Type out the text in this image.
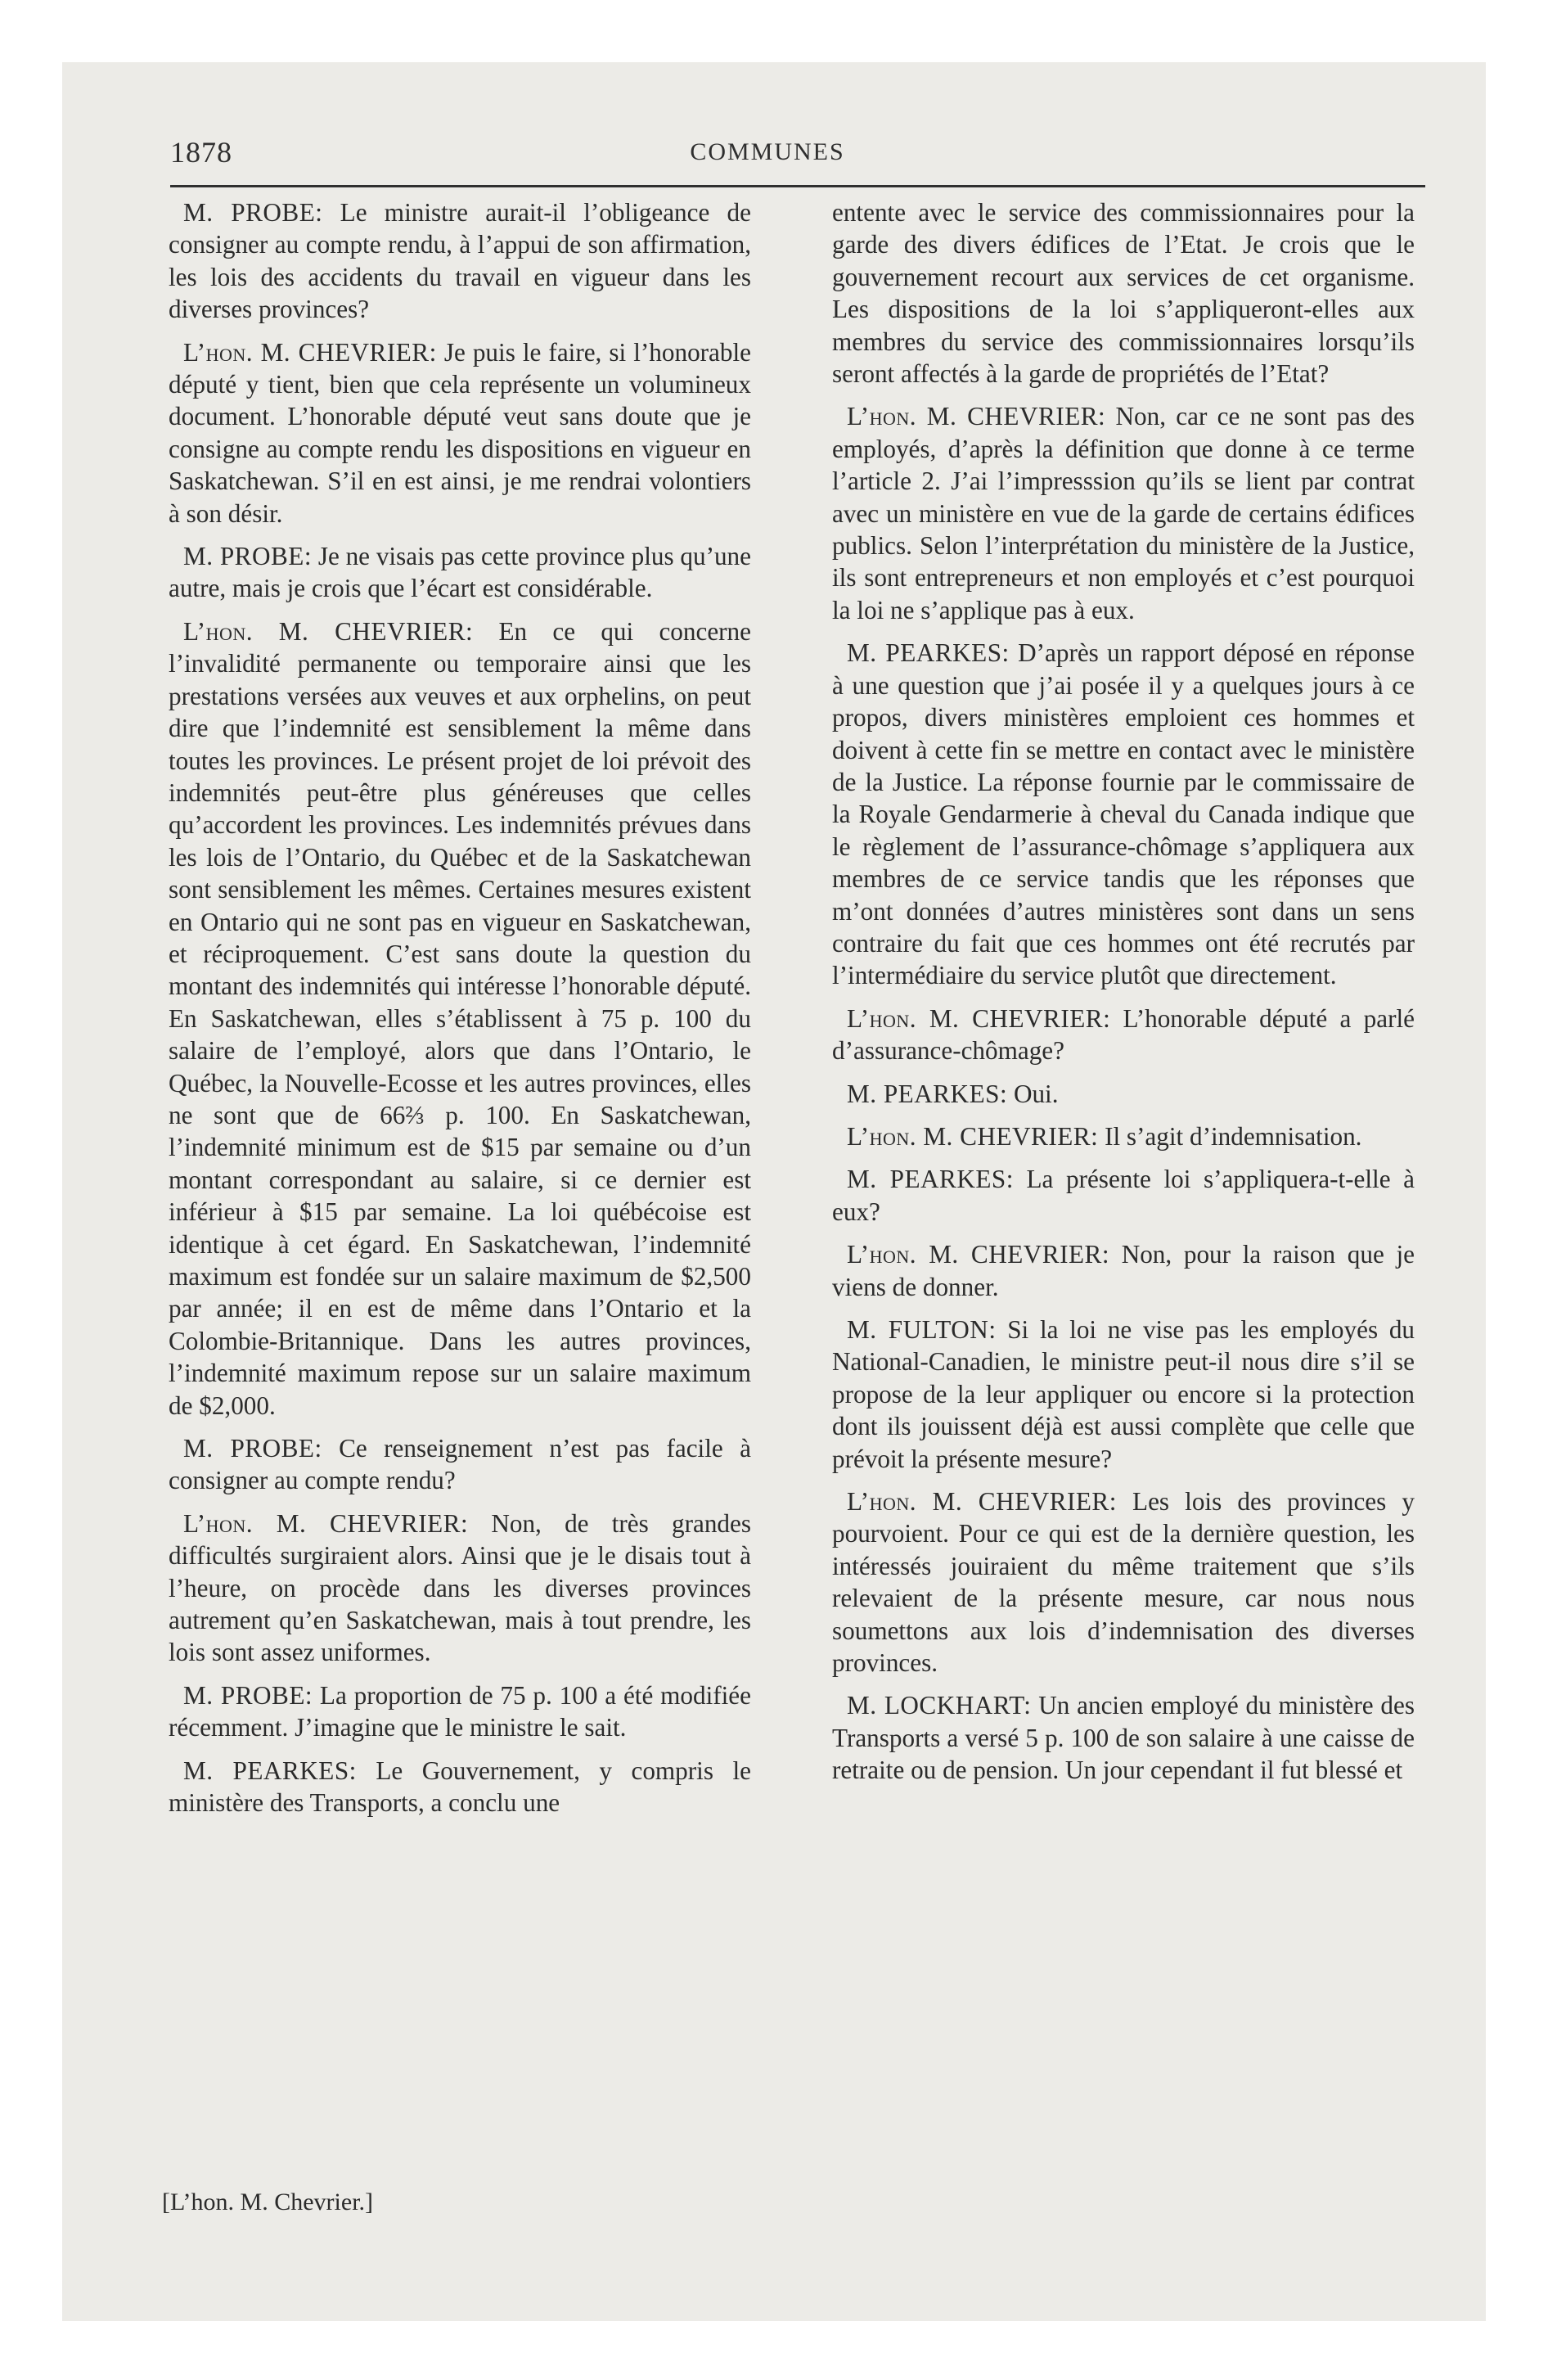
1878	COMMUNES

M. PROBE: Le ministre aurait-il l’obligeance de consigner au compte rendu, à l’appui de son affirmation, les lois des accidents du travail en vigueur dans les diverses provinces?

L’hon. M. CHEVRIER: Je puis le faire, si l’honorable député y tient, bien que cela représente un volumineux document. L’honorable député veut sans doute que je consigne au compte rendu les dispositions en vigueur en Saskatchewan. S’il en est ainsi, je me rendrai volontiers à son désir.

M. PROBE: Je ne visais pas cette province plus qu’une autre, mais je crois que l’écart est considérable.

L’hon. M. CHEVRIER: En ce qui concerne l’invalidité permanente ou temporaire ainsi que les prestations versées aux veuves et aux orphelins, on peut dire que l’indemnité est sensiblement la même dans toutes les provinces. Le présent projet de loi prévoit des indemnités peut-être plus généreuses que celles qu’accordent les provinces. Les indemnités prévues dans les lois de l’Ontario, du Québec et de la Saskatchewan sont sensiblement les mêmes. Certaines mesures existent en Ontario qui ne sont pas en vigueur en Saskatchewan, et réciproquement. C’est sans doute la question du montant des indemnités qui intéresse l’honorable député. En Saskatchewan, elles s’établissent à 75 p. 100 du salaire de l’employé, alors que dans l’Ontario, le Québec, la Nouvelle-Ecosse et les autres provinces, elles ne sont que de 66⅔ p. 100. En Saskatchewan, l’indemnité minimum est de $15 par semaine ou d’un montant correspondant au salaire, si ce dernier est inférieur à $15 par semaine. La loi québécoise est identique à cet égard. En Saskatchewan, l’indemnité maximum est fondée sur un salaire maximum de $2,500 par année; il en est de même dans l’Ontario et la Colombie-Britannique. Dans les autres provinces, l’indemnité maximum repose sur un salaire maximum de $2,000.

M. PROBE: Ce renseignement n’est pas facile à consigner au compte rendu?

L’hon. M. CHEVRIER: Non, de très grandes difficultés surgiraient alors. Ainsi que je le disais tout à l’heure, on procède dans les diverses provinces autrement qu’en Saskatchewan, mais à tout prendre, les lois sont assez uniformes.

M. PROBE: La proportion de 75 p. 100 a été modifiée récemment. J’imagine que le ministre le sait.

M. PEARKES: Le Gouvernement, y compris le ministère des Transports, a conclu une

entente avec le service des commissionnaires pour la garde des divers édifices de l’Etat. Je crois que le gouvernement recourt aux services de cet organisme. Les dispositions de la loi s’appliqueront-elles aux membres du service des commissionnaires lorsqu’ils seront affectés à la garde de propriétés de l’Etat?

L’hon. M. CHEVRIER: Non, car ce ne sont pas des employés, d’après la définition que donne à ce terme l’article 2. J’ai l’impresssion qu’ils se lient par contrat avec un ministère en vue de la garde de certains édifices publics. Selon l’interprétation du ministère de la Justice, ils sont entrepreneurs et non employés et c’est pourquoi la loi ne s’applique pas à eux.

M. PEARKES: D’après un rapport déposé en réponse à une question que j’ai posée il y a quelques jours à ce propos, divers ministères emploient ces hommes et doivent à cette fin se mettre en contact avec le ministère de la Justice. La réponse fournie par le commissaire de la Royale Gendarmerie à cheval du Canada indique que le règlement de l’assurance-chômage s’appliquera aux membres de ce service tandis que les réponses que m’ont données d’autres ministères sont dans un sens contraire du fait que ces hommes ont été recrutés par l’intermédiaire du service plutôt que directement.

L’hon. M. CHEVRIER: L’honorable député a parlé d’assurance-chômage?

M. PEARKES: Oui.

L’hon. M. CHEVRIER: Il s’agit d’indemnisation.

M. PEARKES: La présente loi s’appliquera-t-elle à eux?

L’hon. M. CHEVRIER: Non, pour la raison que je viens de donner.

M. FULTON: Si la loi ne vise pas les employés du National-Canadien, le ministre peut-il nous dire s’il se propose de la leur appliquer ou encore si la protection dont ils jouissent déjà est aussi complète que celle que prévoit la présente mesure?

L’hon. M. CHEVRIER: Les lois des provinces y pourvoient. Pour ce qui est de la dernière question, les intéressés jouiraient du même traitement que s’ils relevaient de la présente mesure, car nous nous soumettons aux lois d’indemnisation des diverses provinces.

M. LOCKHART: Un ancien employé du ministère des Transports a versé 5 p. 100 de son salaire à une caisse de retraite ou de pension. Un jour cependant il fut blessé et

[L’hon. M. Chevrier.]
